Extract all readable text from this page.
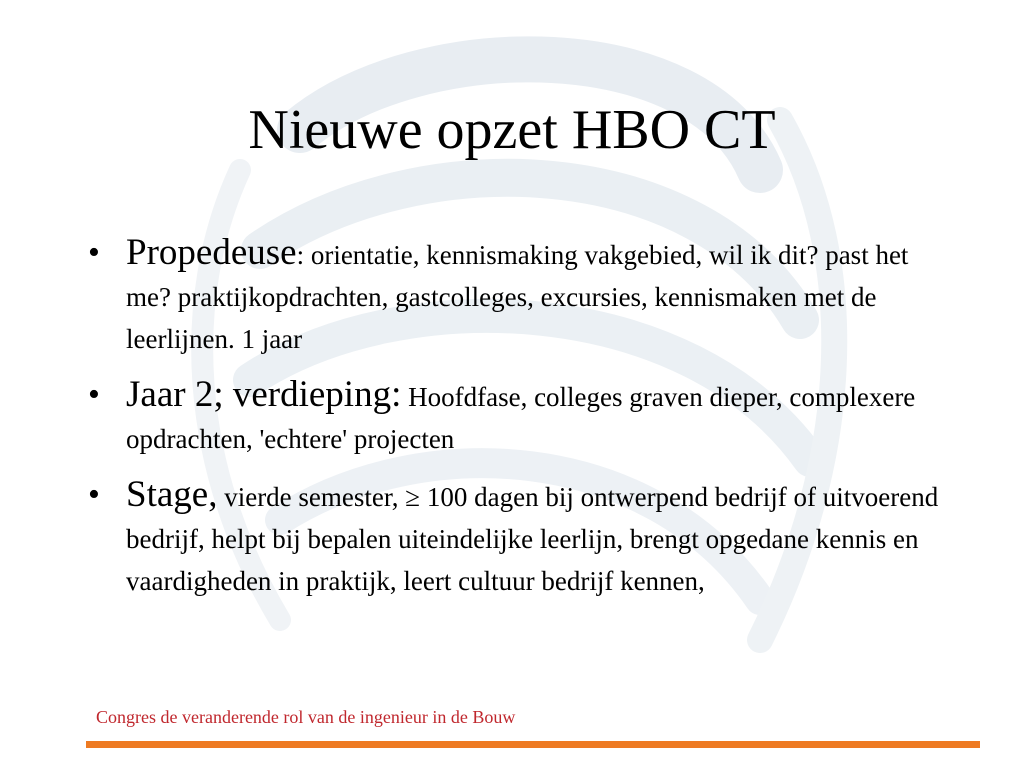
Nieuwe opzet HBO CT
• Propedeuse: orientatie, kennismaking vakgebied, wil ik dit? past het me? praktijkopdrachten, gastcolleges, excursies, kennismaken met de leerlijnen. 1 jaar
• Jaar 2; verdieping: Hoofdfase, colleges graven dieper, complexere opdrachten, 'echtere' projecten
• Stage, vierde semester, ≥ 100 dagen bij ontwerpend bedrijf of uitvoerend bedrijf, helpt bij bepalen uiteindelijke leerlijn, brengt opgedane kennis en vaardigheden in praktijk, leert cultuur bedrijf kennen,

Congres de veranderende rol van de ingenieur in de Bouw
